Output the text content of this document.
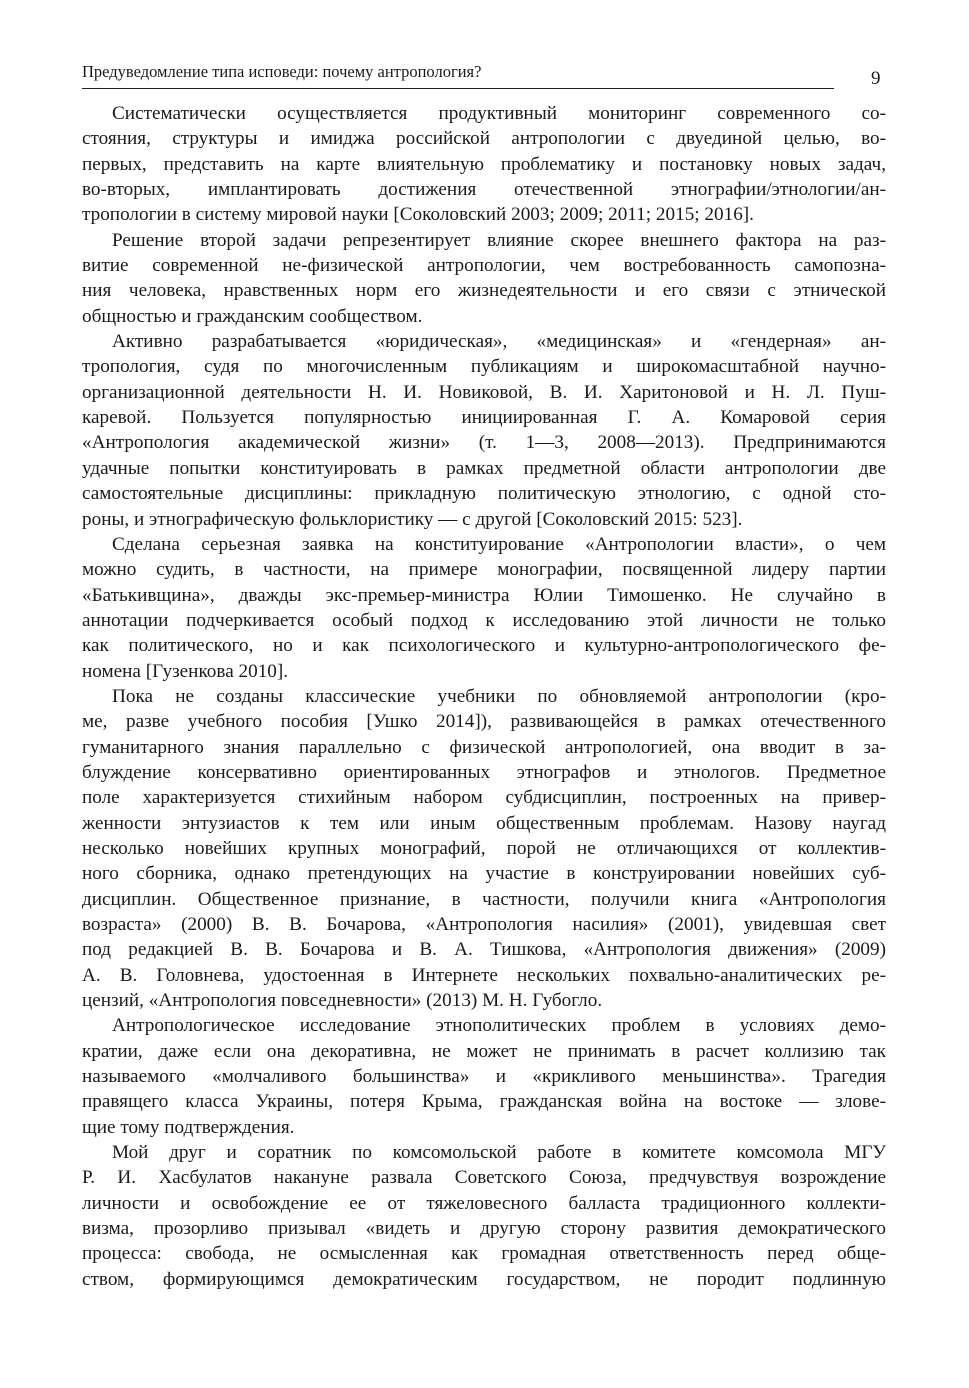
Предуведомление типа исповеди: почему антропология?	9
Систематически осуществляется продуктивный мониторинг современного со-
стояния, структуры и имиджа российской антропологии с двуединой целью, во-
первых, представить на карте влиятельную проблематику и постановку новых задач,
во-вторых, имплантировать достижения отечественной этнографии/этнологии/ан-
тропологии в систему мировой науки [Соколовский 2003; 2009; 2011; 2015; 2016].
Решение второй задачи репрезентирует влияние скорее внешнего фактора на раз-
витие современной не-физической антропологии, чем востребованность самопозна-
ния человека, нравственных норм его жизнедеятельности и его связи с этнической
общностью и гражданским сообществом.
Активно разрабатывается «юридическая», «медицинская» и «гендерная» ан-
тропология, судя по многочисленным публикациям и широкомасштабной научно-
организационной деятельности Н. И. Новиковой, В. И. Харитоновой и Н. Л. Пуш-
каревой. Пользуется популярностью инициированная Г. А. Комаровой серия
«Антропология академической жизни» (т. 1—3, 2008—2013). Предпринимаются
удачные попытки конституировать в рамках предметной области антропологии две
самостоятельные дисциплины: прикладную политическую этнологию, с одной сто-
роны, и этнографическую фольклористику — с другой [Соколовский 2015: 523].
Сделана серьезная заявка на конституирование «Антропологии власти», о чем
можно судить, в частности, на примере монографии, посвященной лидеру партии
«Батькивщина», дважды экс-премьер-министра Юлии Тимошенко. Не случайно в
аннотации подчеркивается особый подход к исследованию этой личности не только
как политического, но и как психологического и культурно-антропологического фе-
номена [Гузенкова 2010].
Пока не созданы классические учебники по обновляемой антропологии (кро-
ме, разве учебного пособия [Ушко 2014]), развивающейся в рамках отечественного
гуманитарного знания параллельно с физической антропологией, она вводит в за-
блуждение консервативно ориентированных этнографов и этнологов. Предметное
поле характеризуется стихийным набором субдисциплин, построенных на привер-
женности энтузиастов к тем или иным общественным проблемам. Назову наугад
несколько новейших крупных монографий, порой не отличающихся от коллектив-
ного сборника, однако претендующих на участие в конструировании новейших суб-
дисциплин. Общественное признание, в частности, получили книга «Антропология
возраста» (2000) В. В. Бочарова, «Антропология насилия» (2001), увидевшая свет
под редакцией В. В. Бочарова и В. А. Тишкова, «Антропология движения» (2009)
А. В. Головнева, удостоенная в Интернете нескольких похвально-аналитических ре-
цензий, «Антропология повседневности» (2013) М. Н. Губогло.
Антропологическое исследование этнополитических проблем в условиях демо-
кратии, даже если она декоративна, не может не принимать в расчет коллизию так
называемого «молчаливого большинства» и «крикливого меньшинства». Трагедия
правящего класса Украины, потеря Крыма, гражданская война на востоке — злове-
щие тому подтверждения.
Мой друг и соратник по комсомольской работе в комитете комсомола МГУ
Р. И. Хасбулатов накануне развала Советского Союза, предчувствуя возрождение
личности и освобождение ее от тяжеловесного балласта традиционного коллекти-
визма, прозорливо призывал «видеть и другую сторону развития демократического
процесса: свобода, не осмысленная как громадная ответственность перед обще-
ством, формирующимся демократическим государством, не породит подлинную
